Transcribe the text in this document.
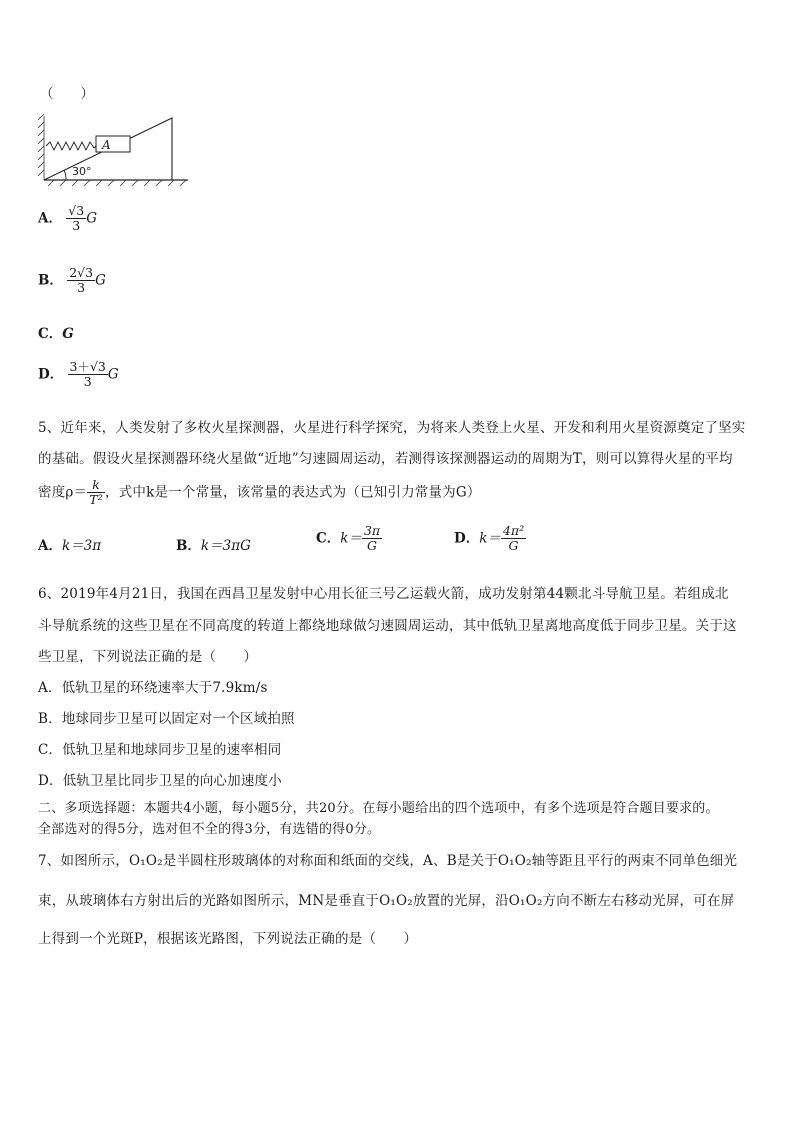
（　　）
A
30°
A． $\frac{√3}{3}$ G
B． $\frac{2√3}{3}$ G
C．G
D． $\frac{3+√3}{3}$ G
5、近年来，人类发射了多枚火星探测器，火星进行科学探究，为将来人类登上火星、开发和利用火星资源奠定了坚实
的基础。假设火星探测器环绕火星做“近地”匀速圆周运动，若测得该探测器运动的周期为T，则可以算得火星的平均
密度$\rho= \frac{k}{\text{T²}}$ ，式中k是一个常量，该常量的表达式为（已知引力常量为G）
A．k＝3π	B．k＝3πG	C．$k= \frac{3\pi}{G}$	D．$k= \frac{\text{4π²}}{G}$
6、2019年4月21日，我国在西昌卫星发射中心用长征三号乙运载火箭，成功发射第44颗北斗导航卫星。若组成北
斗导航系统的这些卫星在不同高度的转道上都绕地球做匀速圆周运动，其中低轨卫星离地高度低于同步卫星。关于这
些卫星，下列说法正确的是（　　）
A．低轨卫星的环绕速率大于7.9km/s
B．地球同步卫星可以固定对一个区域拍照
C．低轨卫星和地球同步卫星的速率相同
D．低轨卫星比同步卫星的向心加速度小
二、多项选择题：本题共4小题，每小题5分，共20分。在每小题给出的四个选项中，有多个选项是符合题目要求的。
全部选对的得5分，选对但不全的得3分，有选错的得0分。
7、如图所示，O₁O₂是半圆柱形玻璃体的对称面和纸面的交线，A、B是关于O₁O₂轴等距且平行的两束不同单色细光
束，从玻璃体右方射出后的光路如图所示，MN是垂直于O₁O₂放置的光屏，沿O₁O₂方向不断左右移动光屏，可在屏
上得到一个光斑P，根据该光路图，下列说法正确的是（　　）
